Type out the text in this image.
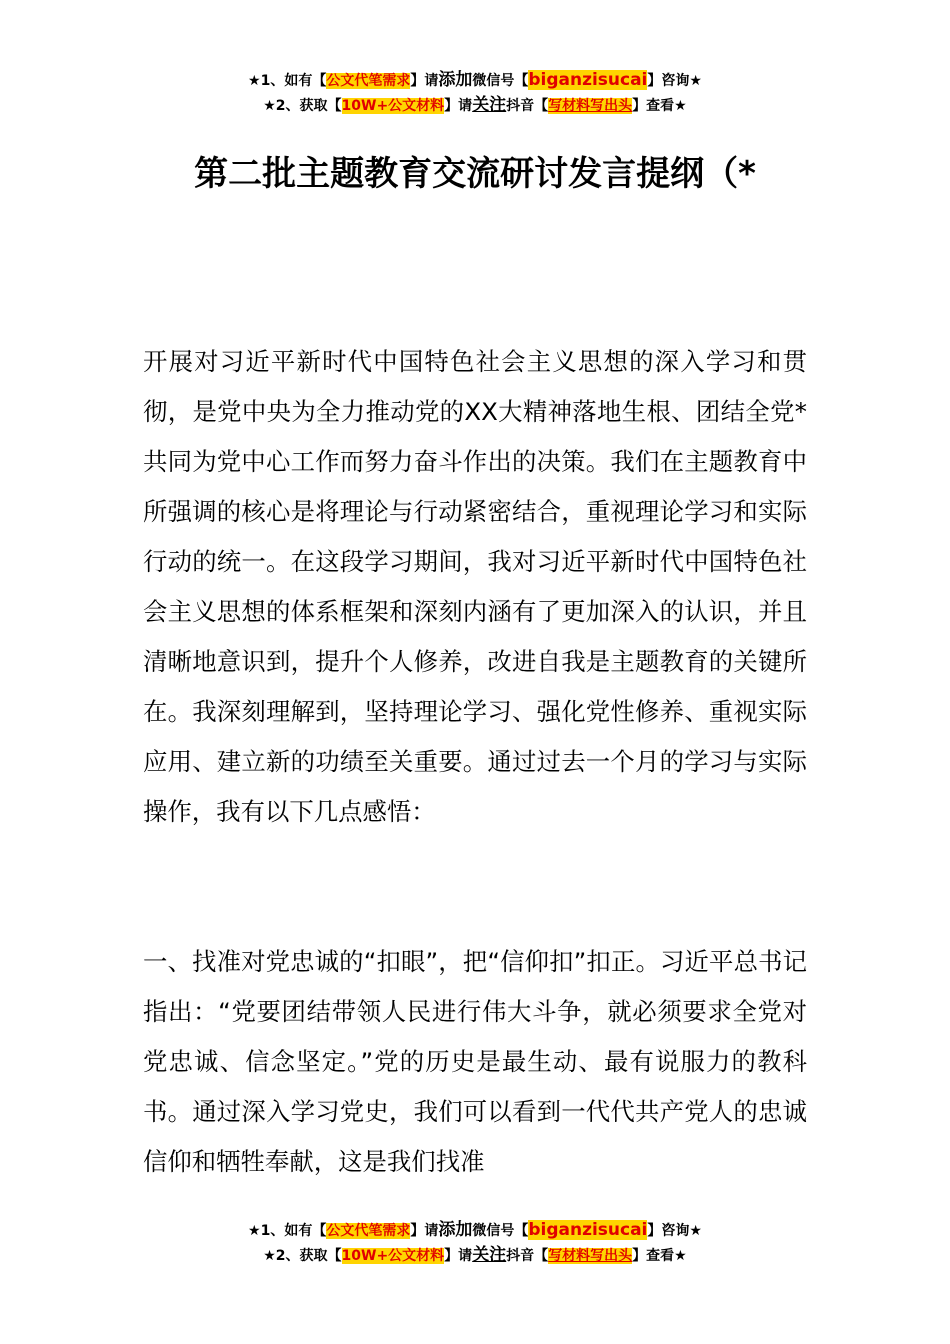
★1、如有【公文代笔需求】请添加微信号【biganzisucai】咨询★
★2、获取【10W+公文材料】请关注抖音【写材料写出头】查看★
第二批主题教育交流研讨发言提纲（*

开展对习近平新时代中国特色社会主义思想的深入学习和贯彻，是党中央为全力推动党的XX大精神落地生根、团结全党*共同为党中心工作而努力奋斗作出的决策。我们在主题教育中所强调的核心是将理论与行动紧密结合，重视理论学习和实际行动的统一。在这段学习期间，我对习近平新时代中国特色社会主义思想的体系框架和深刻内涵有了更加深入的认识，并且清晰地意识到，提升个人修养，改进自我是主题教育的关键所在。我深刻理解到，坚持理论学习、强化党性修养、重视实际应用、建立新的功绩至关重要。通过过去一个月的学习与实际操作，我有以下几点感悟：

一、找准对党忠诚的“扣眼”，把“信仰扣”扣正。习近平总书记指出：“党要团结带领人民进行伟大斗争，就必须要求全党对党忠诚、信念坚定。”党的历史是最生动、最有说服力的教科书。通过深入学习党史，我们可以看到一代代共产党人的忠诚信仰和牺牲奉献，这是我们找准

★1、如有【公文代笔需求】请添加微信号【biganzisucai】咨询★
★2、获取【10W+公文材料】请关注抖音【写材料写出头】查看★
